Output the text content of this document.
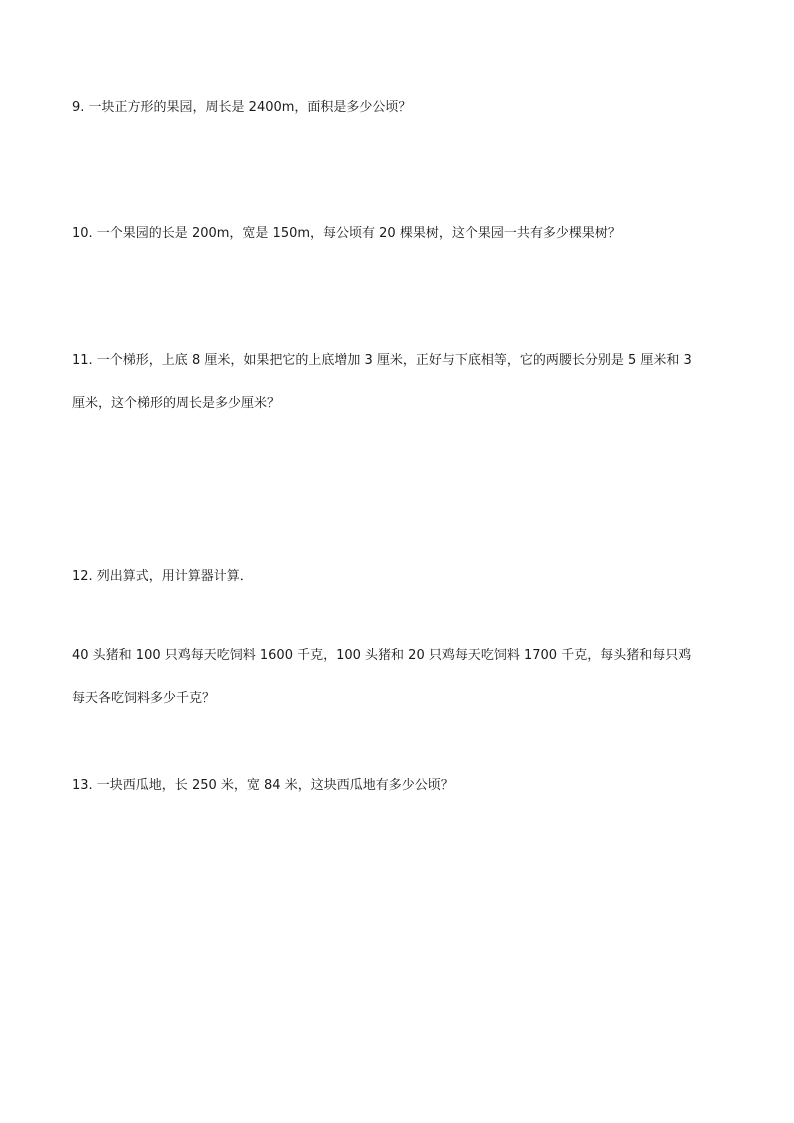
9. 一块正方形的果园，周长是 2400m，面积是多少公顷？
10. 一个果园的长是 200m，宽是 150m，每公顷有 20 棵果树，这个果园一共有多少棵果树？
11. 一个梯形，上底 8 厘米，如果把它的上底增加 3 厘米，正好与下底相等，它的两腰长分别是 5 厘米和 3
厘米，这个梯形的周长是多少厘米？
12. 列出算式，用计算器计算．
40 头猪和 100 只鸡每天吃饲料 1600 千克，100 头猪和 20 只鸡每天吃饲料 1700 千克，每头猪和每只鸡
每天各吃饲料多少千克？
13. 一块西瓜地，长 250 米，宽 84 米，这块西瓜地有多少公顷？
